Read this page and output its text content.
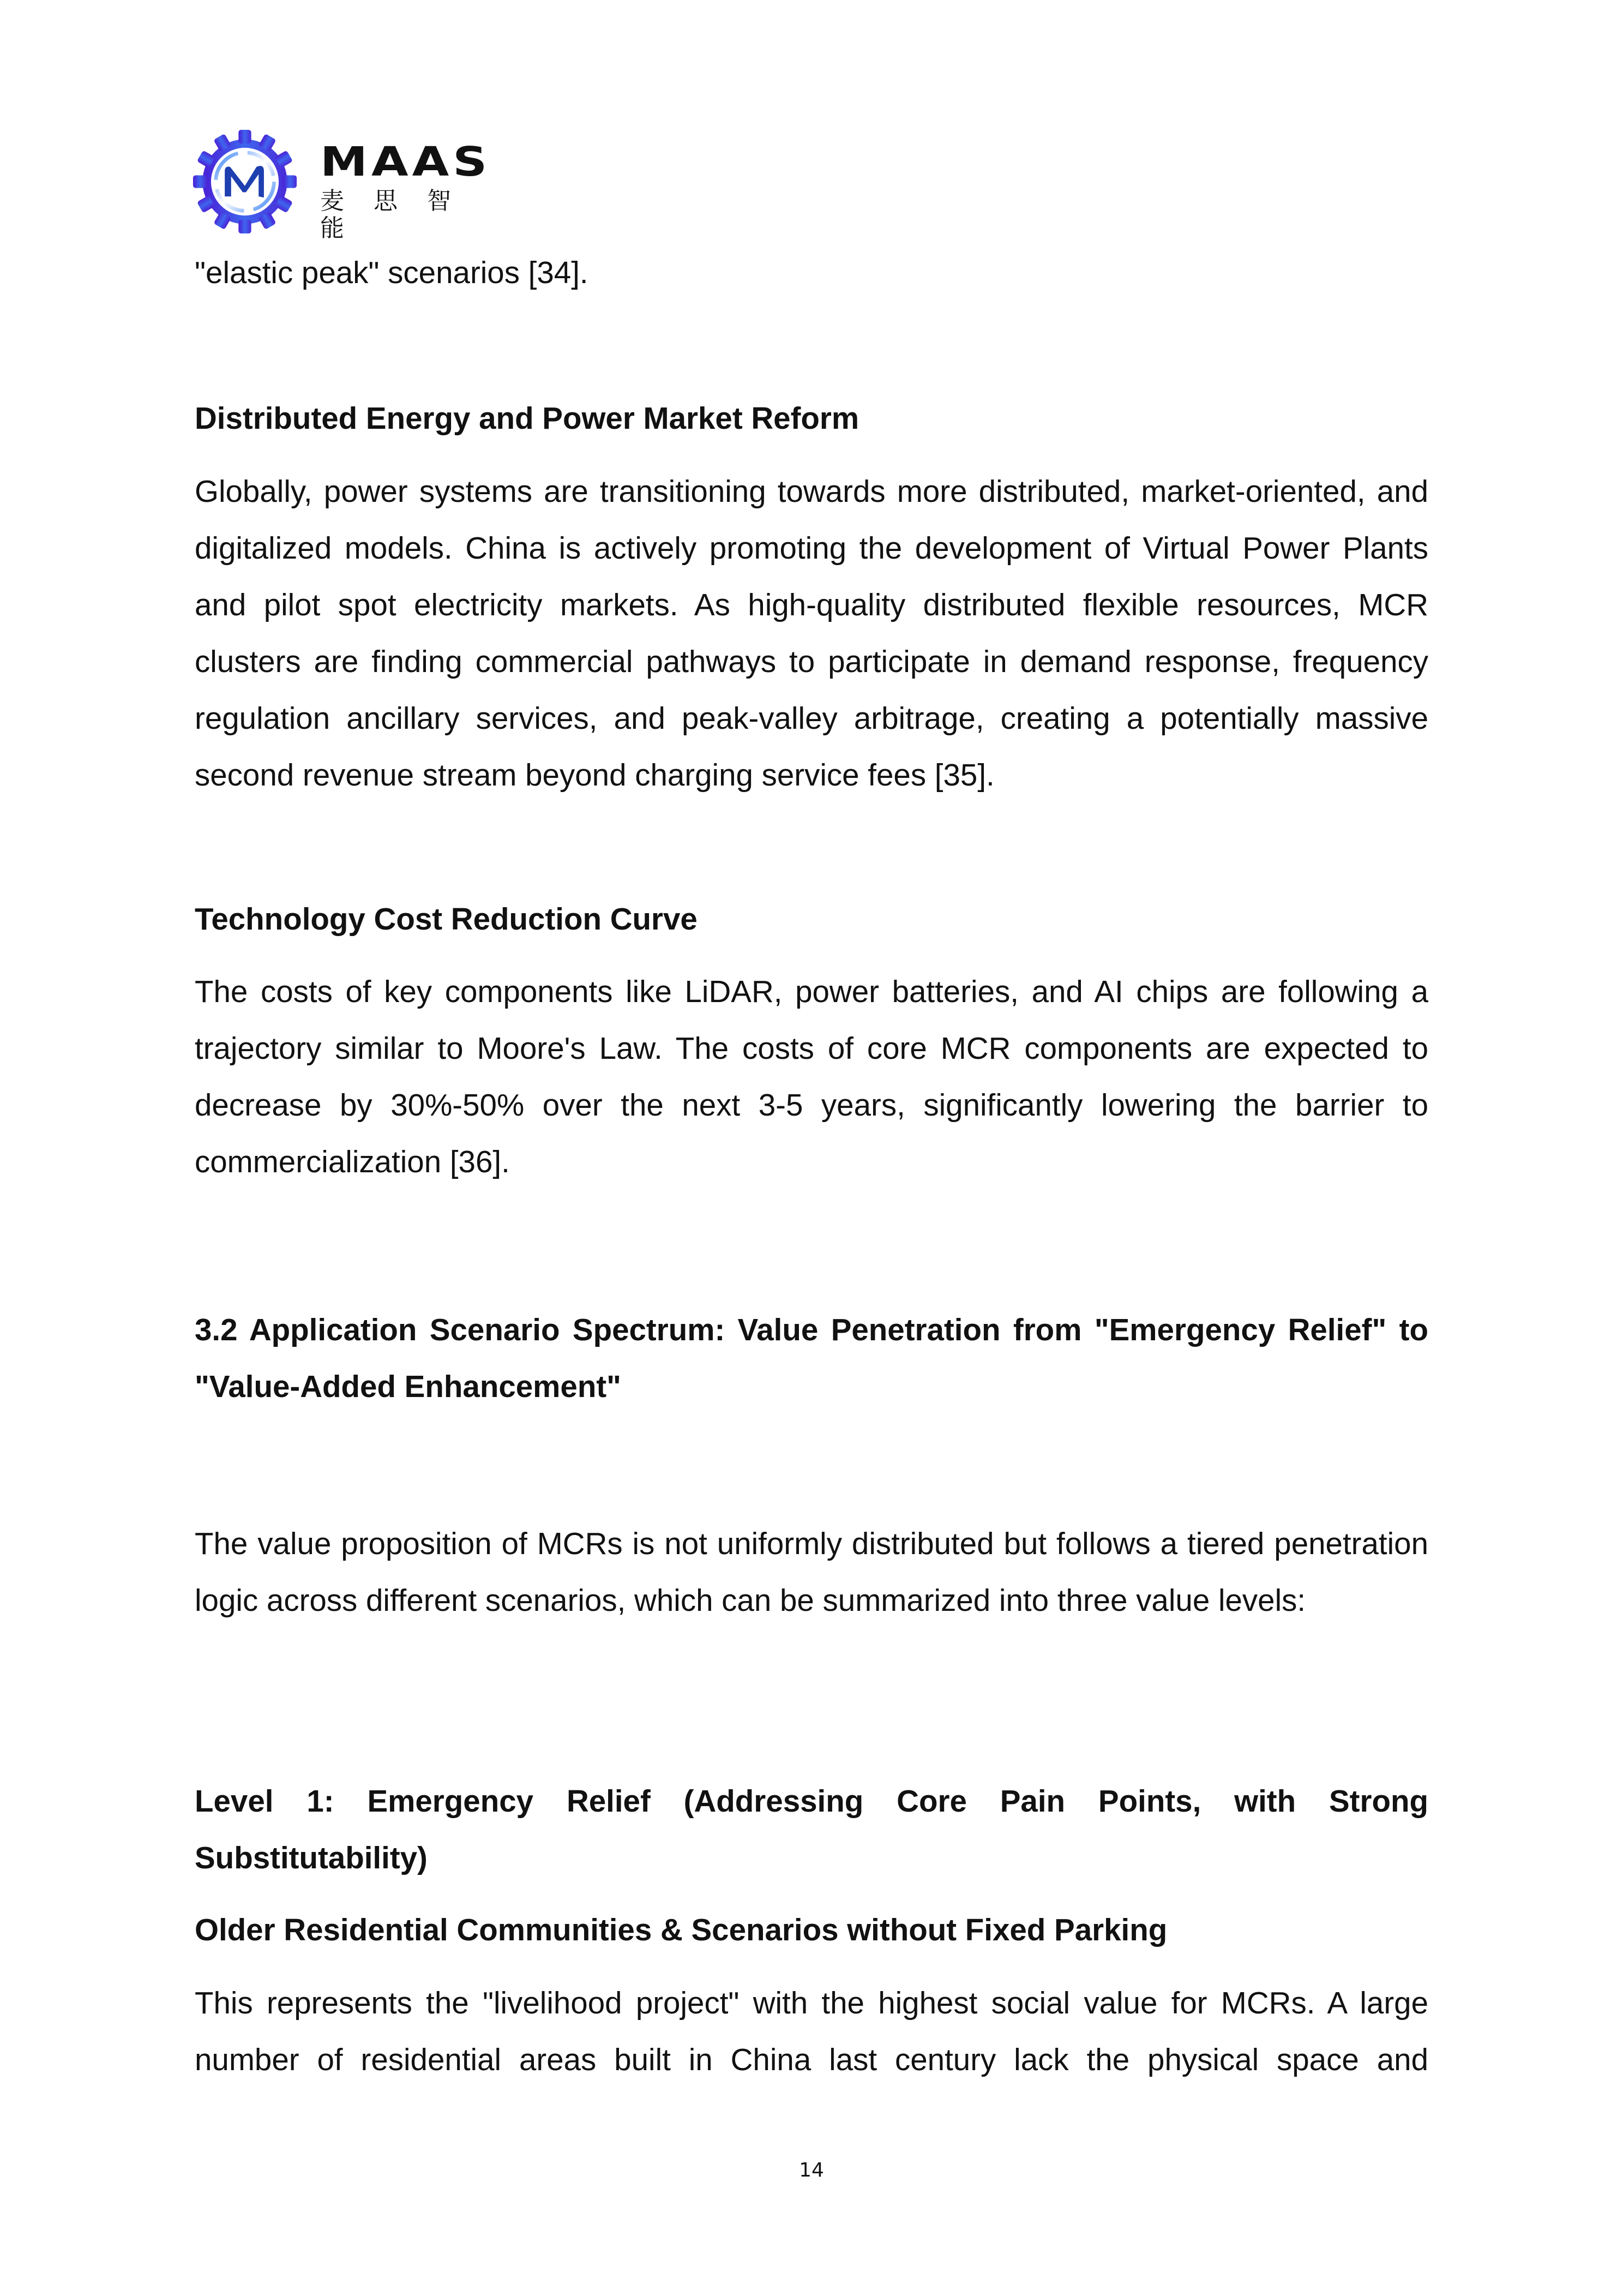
MAAS
麦思智能

"elastic peak" scenarios [34].

Distributed Energy and Power Market Reform

Globally, power systems are transitioning towards more distributed, market-oriented, and digitalized models. China is actively promoting the development of Virtual Power Plants and pilot spot electricity markets. As high-quality distributed flexible resources, MCR clusters are finding commercial pathways to participate in demand response, frequency regulation ancillary services, and peak-valley arbitrage, creating a potentially massive second revenue stream beyond charging service fees [35].

Technology Cost Reduction Curve

The costs of key components like LiDAR, power batteries, and AI chips are following a trajectory similar to Moore's Law. The costs of core MCR components are expected to decrease by 30%-50% over the next 3-5 years, significantly lowering the barrier to commercialization [36].

3.2 Application Scenario Spectrum: Value Penetration from "Emergency Relief" to "Value-Added Enhancement"

The value proposition of MCRs is not uniformly distributed but follows a tiered penetration logic across different scenarios, which can be summarized into three value levels:

Level 1: Emergency Relief (Addressing Core Pain Points, with Strong Substitutability)

Older Residential Communities & Scenarios without Fixed Parking

This represents the "livelihood project" with the highest social value for MCRs. A large number of residential areas built in China last century lack the physical space and

14
